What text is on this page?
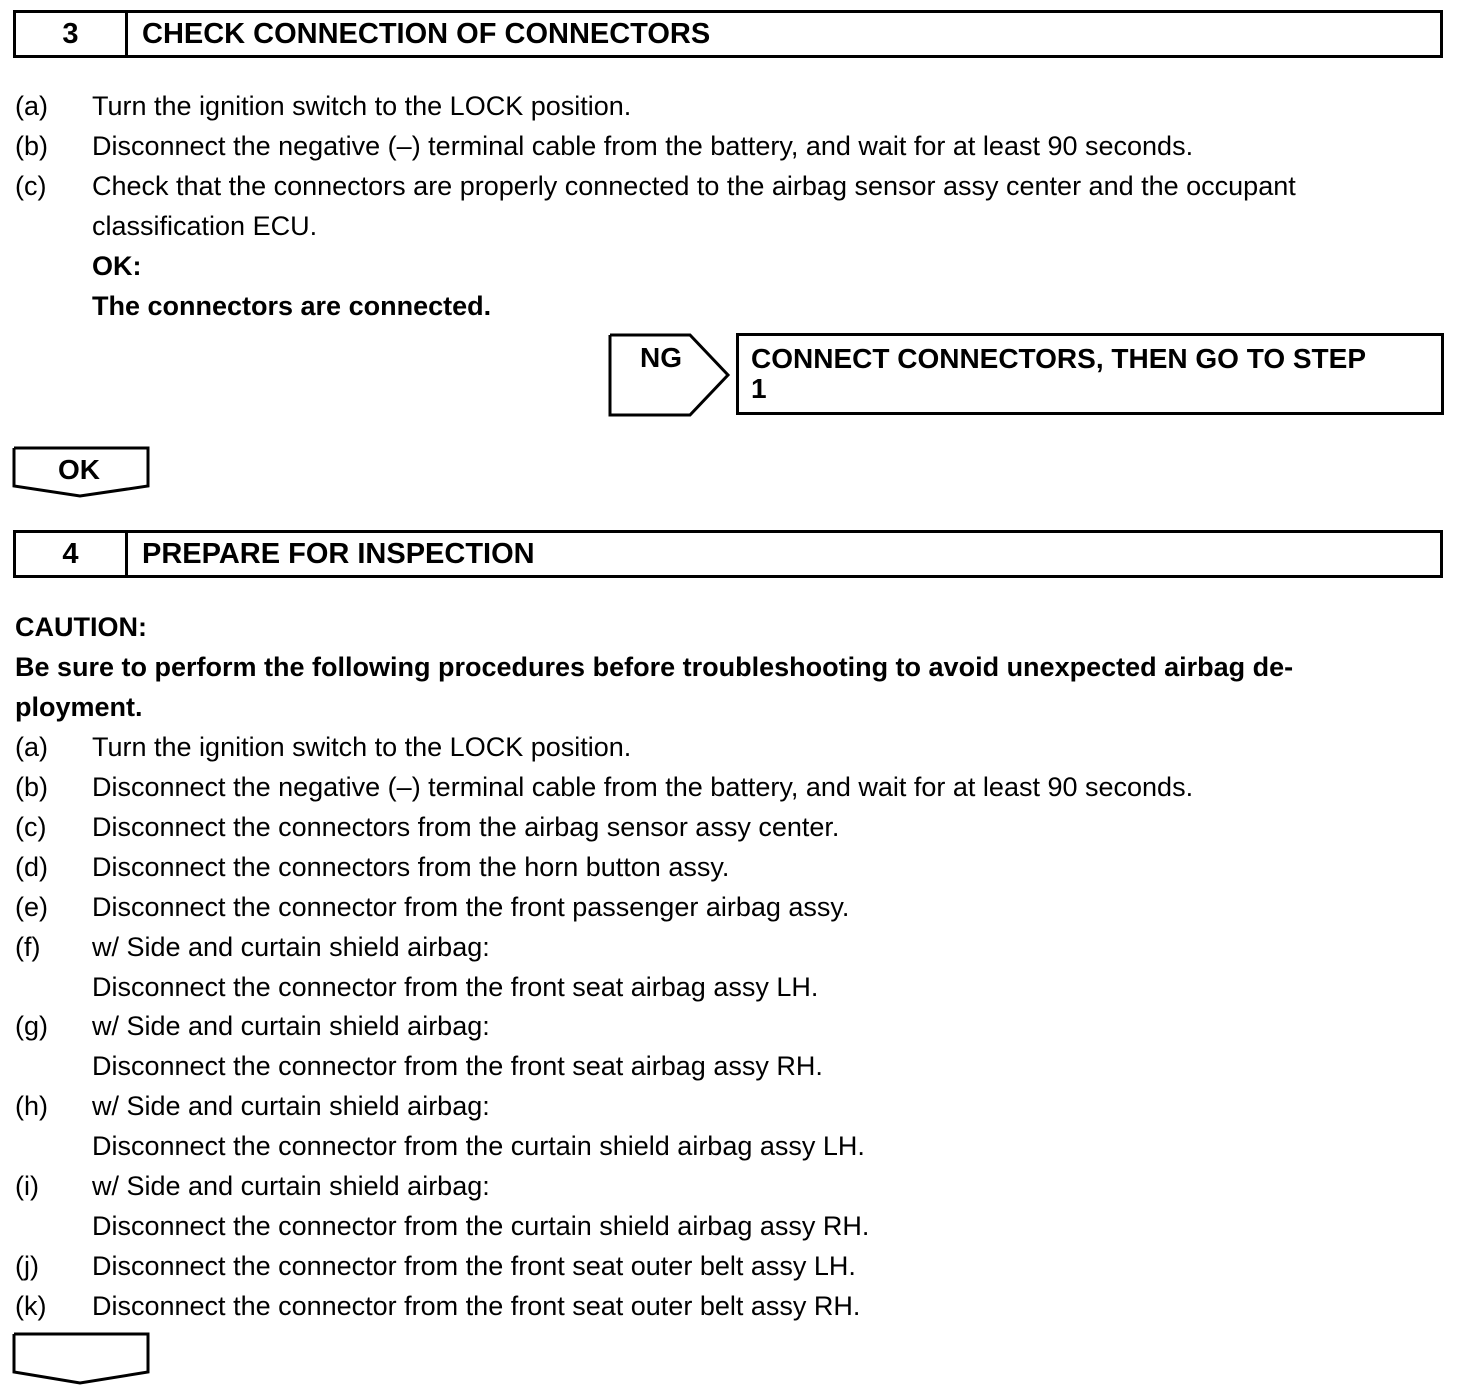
3	CHECK CONNECTION OF CONNECTORS
(a) Turn the ignition switch to the LOCK position.
(b) Disconnect the negative (–) terminal cable from the battery, and wait for at least 90 seconds.
(c) Check that the connectors are properly connected to the airbag sensor assy center and the occupant
classification ECU.
OK:
The connectors are connected.
NG CONNECT CONNECTORS, THEN GO TO STEP
1
OK
4	PREPARE FOR INSPECTION
CAUTION:
Be sure to perform the following procedures before troubleshooting to avoid unexpected airbag de-
ployment.
(a) Turn the ignition switch to the LOCK position.
(b) Disconnect the negative (–) terminal cable from the battery, and wait for at least 90 seconds.
(c) Disconnect the connectors from the airbag sensor assy center.
(d) Disconnect the connectors from the horn button assy.
(e) Disconnect the connector from the front passenger airbag assy.
(f) w/ Side and curtain shield airbag:
Disconnect the connector from the front seat airbag assy LH.
(g) w/ Side and curtain shield airbag:
Disconnect the connector from the front seat airbag assy RH.
(h) w/ Side and curtain shield airbag:
Disconnect the connector from the curtain shield airbag assy LH.
(i) w/ Side and curtain shield airbag:
Disconnect the connector from the curtain shield airbag assy RH.
(j) Disconnect the connector from the front seat outer belt assy LH.
(k) Disconnect the connector from the front seat outer belt assy RH.
